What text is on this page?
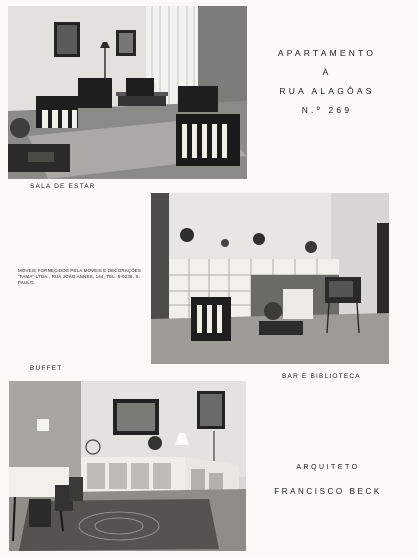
SALA DE ESTAR
APARTAMENTO
À
RUA ALAGÔAS
N.º 269
MOVEIS FORNECIDOS PELA MOVEIS E DECORAÇÕES "FAMA" LTDA., RUA JOÃO ANNES, 144, TEL. 5-0236, S. PAULO.
BAR E BIBLIOTECA
BUFFET
ARQUITETO
FRANCISCO BECK
